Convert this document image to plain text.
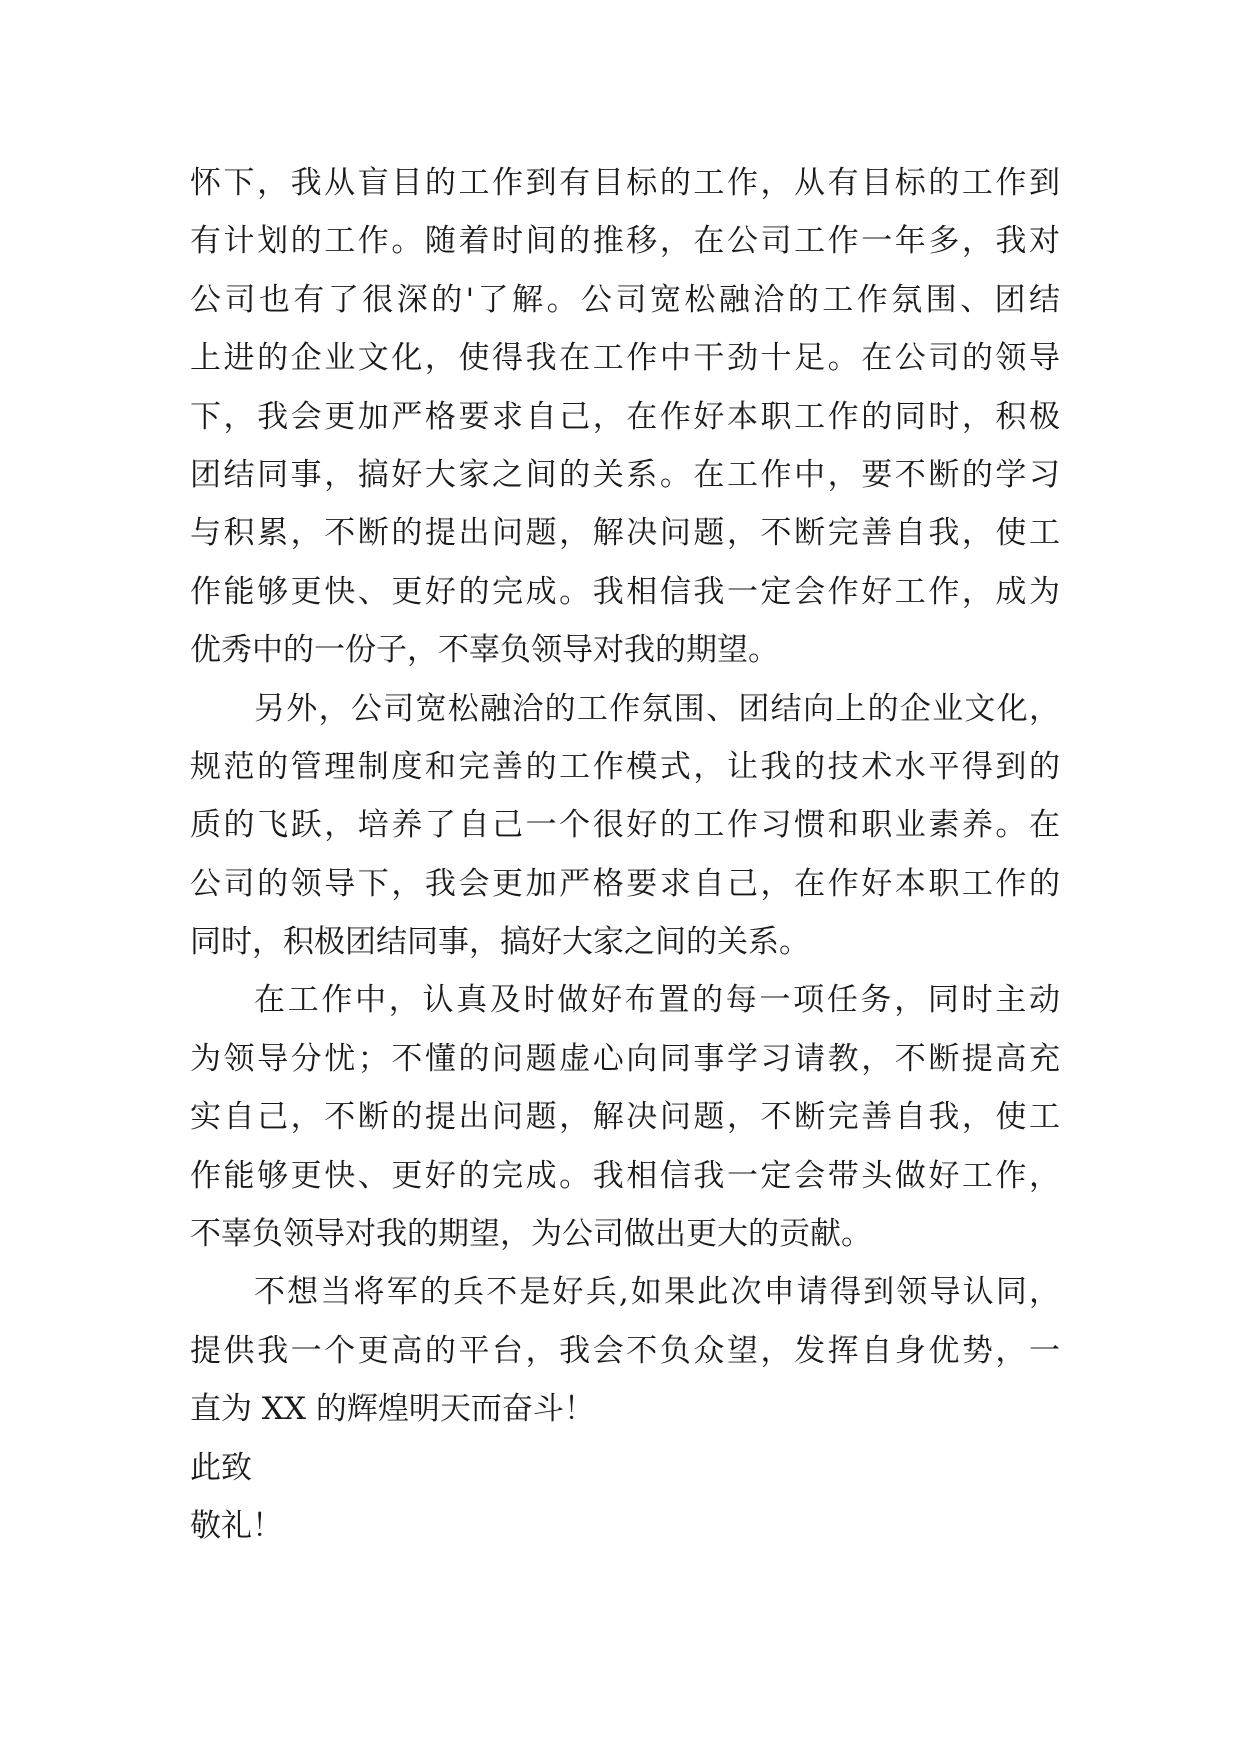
怀下，我从盲目的工作到有目标的工作，从有目标的工作到
有计划的工作。随着时间的推移，在公司工作一年多，我对
公司也有了很深的'了解。公司宽松融洽的工作氛围、团结
上进的企业文化，使得我在工作中干劲十足。在公司的领导
下，我会更加严格要求自己，在作好本职工作的同时，积极
团结同事，搞好大家之间的关系。在工作中，要不断的学习
与积累，不断的提出问题，解决问题，不断完善自我，使工
作能够更快、更好的完成。我相信我一定会作好工作，成为
优秀中的一份子，不辜负领导对我的期望。
另外，公司宽松融洽的工作氛围、团结向上的企业文化，
规范的管理制度和完善的工作模式，让我的技术水平得到的
质的飞跃，培养了自己一个很好的工作习惯和职业素养。在
公司的领导下，我会更加严格要求自己，在作好本职工作的
同时，积极团结同事，搞好大家之间的关系。
在工作中，认真及时做好布置的每一项任务，同时主动
为领导分忧；不懂的问题虚心向同事学习请教，不断提高充
实自己，不断的提出问题，解决问题，不断完善自我，使工
作能够更快、更好的完成。我相信我一定会带头做好工作，
不辜负领导对我的期望，为公司做出更大的贡献。
不想当将军的兵不是好兵,如果此次申请得到领导认同，
提供我一个更高的平台，我会不负众望，发挥自身优势，一
直为 XX 的辉煌明天而奋斗！
此致
敬礼！
